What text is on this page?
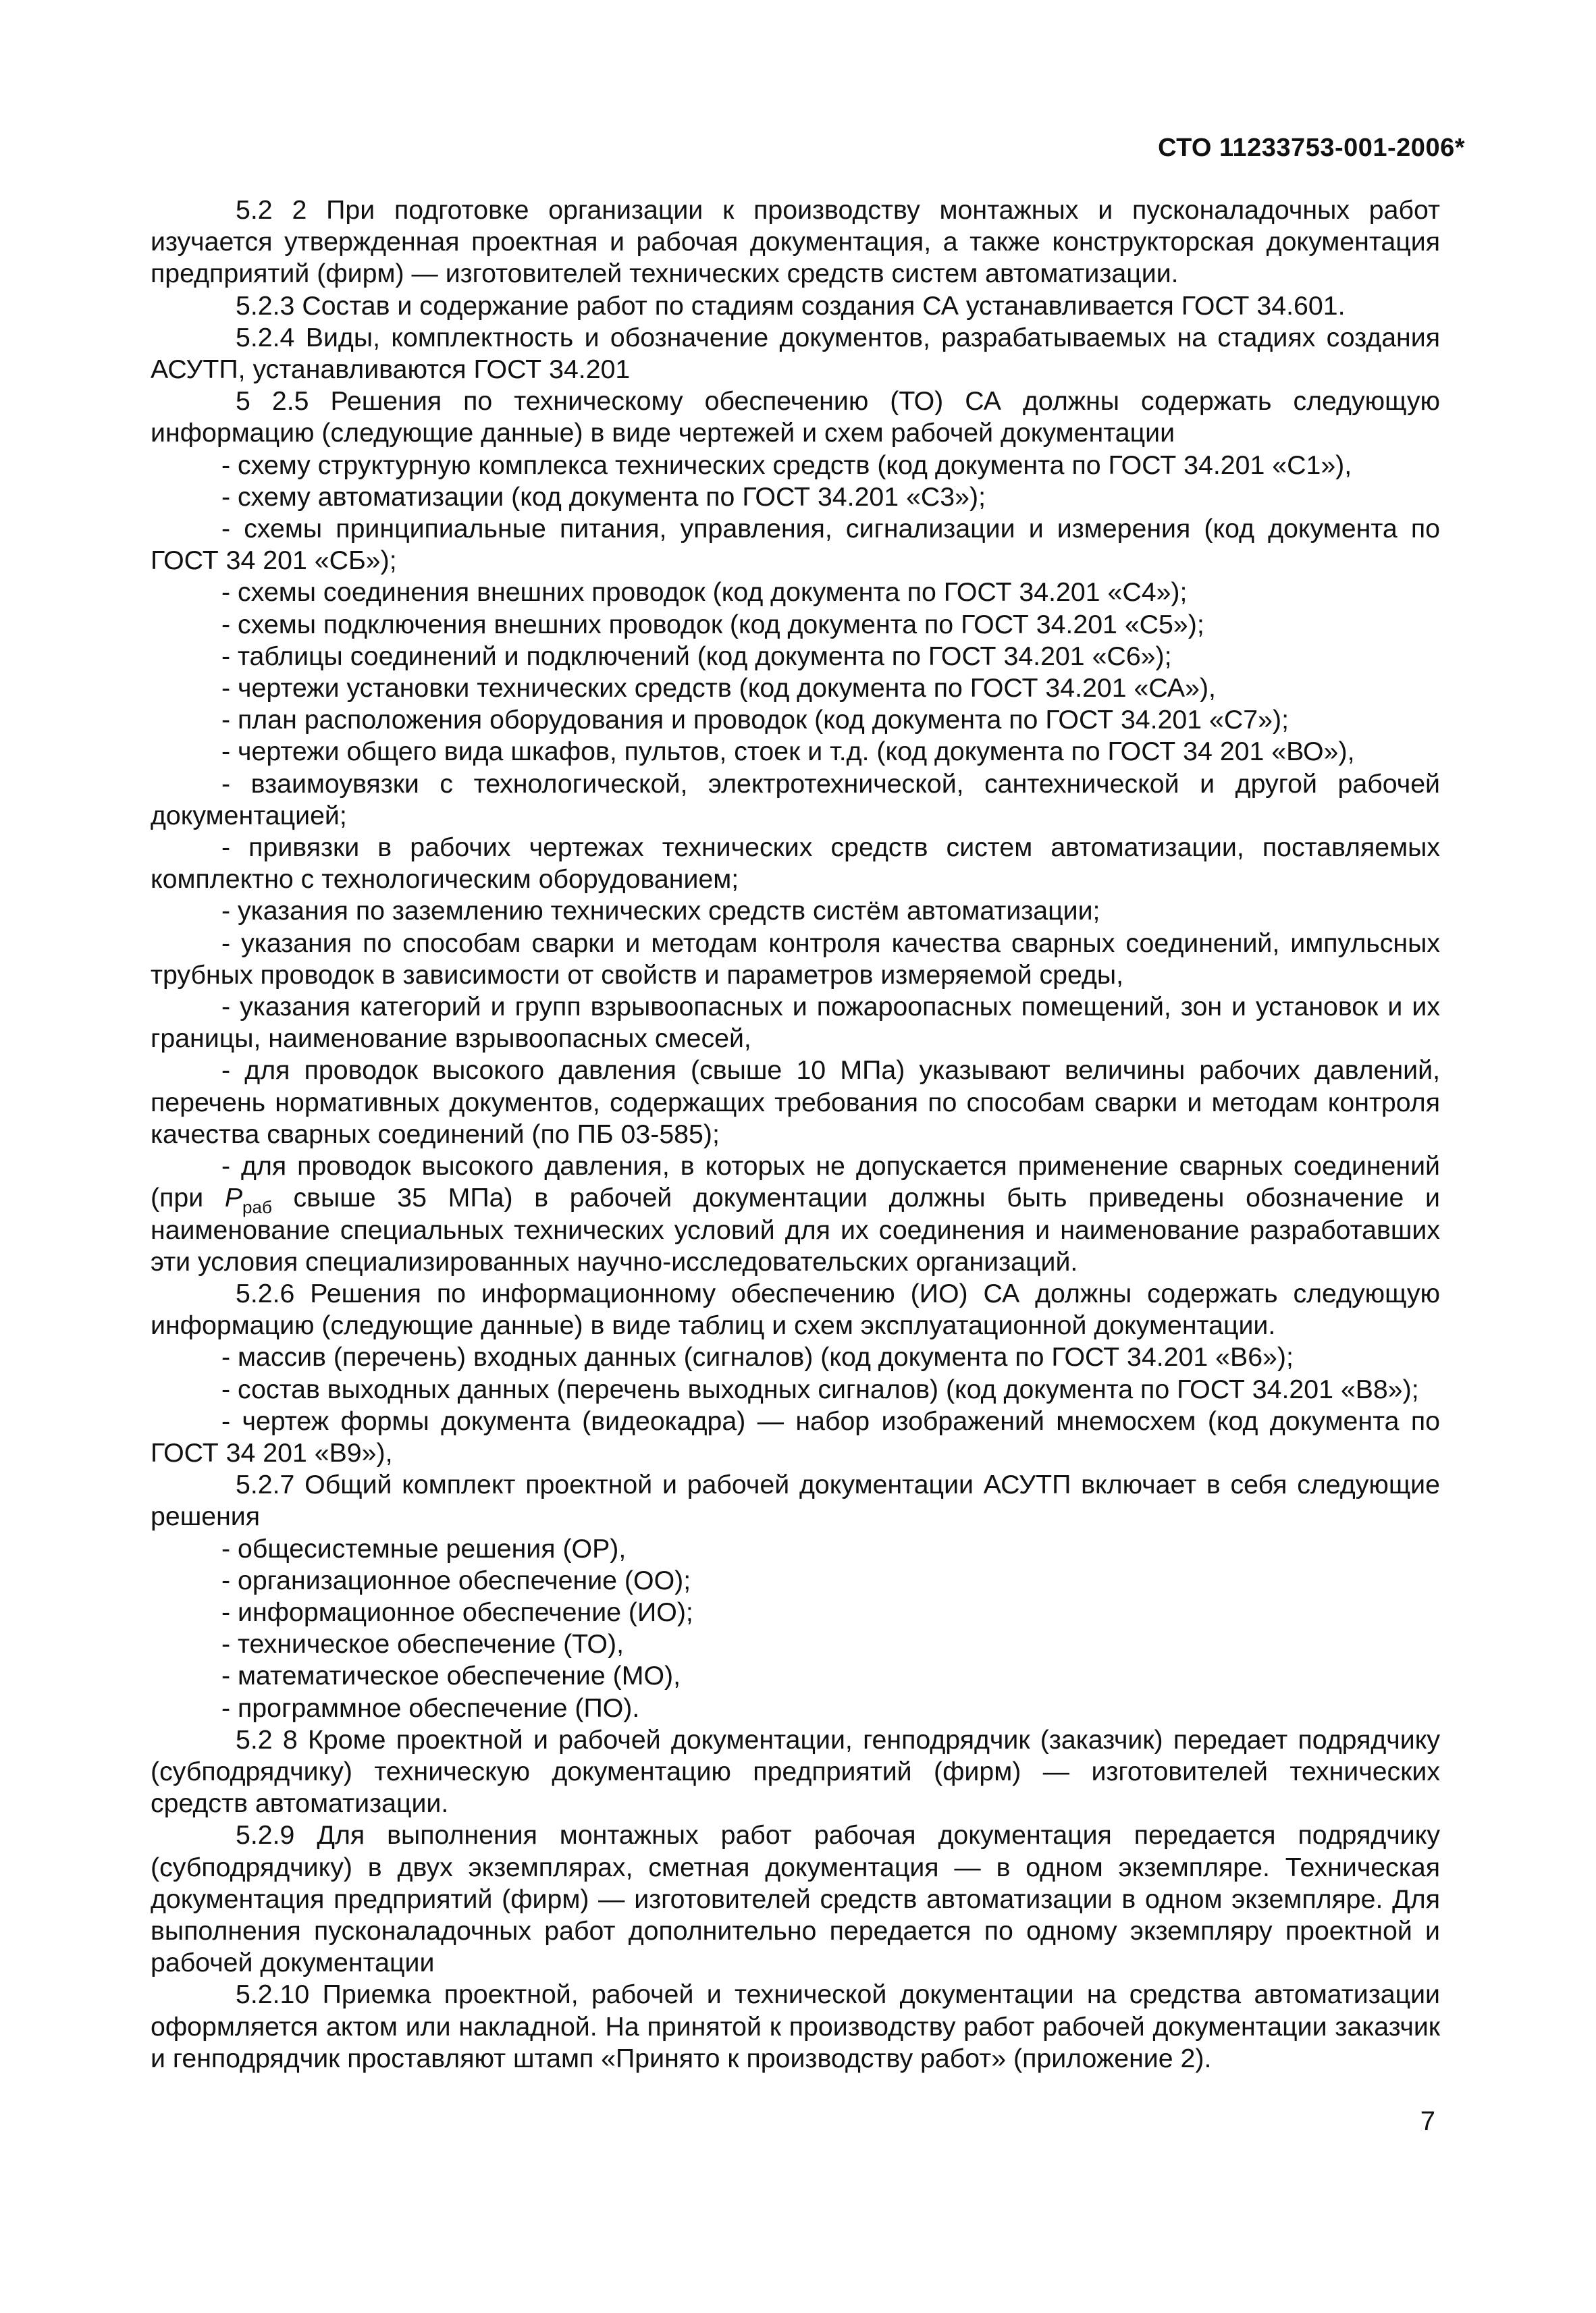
СТО 11233753-001-2006*

5.2 2 При подготовке организации к производству монтажных и пусконаладочных работ изучается утвержденная проектная и рабочая документация, а также конструкторская документация предприятий (фирм) — изготовителей технических средств систем автоматизации.

5.2.3 Состав и содержание работ по стадиям создания СА устанавливается ГОСТ 34.601.

5.2.4 Виды, комплектность и обозначение документов, разрабатываемых на стадиях создания АСУТП, устанавливаются ГОСТ 34.201

5 2.5 Решения по техническому обеспечению (ТО) СА должны содержать следующую информацию (следующие данные) в виде чертежей и схем рабочей документации

- схему структурную комплекса технических средств (код документа по ГОСТ 34.201 «С1»),

- схему автоматизации (код документа по ГОСТ 34.201 «С3»);

- схемы принципиальные питания, управления, сигнализации и измерения (код документа по ГОСТ 34 201 «СБ»);

- схемы соединения внешних проводок (код документа по ГОСТ 34.201 «С4»);

- схемы подключения внешних проводок (код документа по ГОСТ 34.201 «С5»);

- таблицы соединений и подключений (код документа по ГОСТ 34.201 «С6»);

- чертежи установки технических средств (код документа по ГОСТ 34.201 «СА»),

- план расположения оборудования и проводок (код документа по ГОСТ 34.201 «С7»);

- чертежи общего вида шкафов, пультов, стоек и т.д. (код документа по ГОСТ 34 201 «ВО»),

- взаимоувязки с технологической, электротехнической, сантехнической и другой рабочей документацией;

- привязки в рабочих чертежах технических средств систем автоматизации, поставляемых комплектно с технологическим оборудованием;

- указания по заземлению технических средств систём автоматизации;

- указания по способам сварки и методам контроля качества сварных соединений, импульсных трубных проводок в зависимости от свойств и параметров измеряемой среды,

- указания категорий и групп взрывоопасных и пожароопасных помещений, зон и установок и их границы, наименование взрывоопасных смесей,

- для проводок высокого давления (свыше 10 МПа) указывают величины рабочих давлений, перечень нормативных документов, содержащих требования по способам сварки и методам контроля качества сварных соединений (по ПБ 03-585);

- для проводок высокого давления, в которых не допускается применение сварных соединений (при $P_{раб}$ свыше 35 МПа) в рабочей документации должны быть приведены обозначение и наименование специальных технических условий для их соединения и наименование разработавших эти условия специализированных научно-исследовательских организаций.

5.2.6 Решения по информационному обеспечению (ИО) СА должны содержать следующую информацию (следующие данные) в виде таблиц и схем эксплуатационной документации.

- массив (перечень) входных данных (сигналов) (код документа по ГОСТ 34.201 «В6»);

- состав выходных данных (перечень выходных сигналов) (код документа по ГОСТ 34.201 «В8»);

- чертеж формы документа (видеокадра) — набор изображений мнемосхем (код документа по ГОСТ 34 201 «В9»),

5.2.7 Общий комплект проектной и рабочей документации АСУТП включает в себя следующие решения

- общесистемные решения (ОР),

- организационное обеспечение (ОО);

- информационное обеспечение (ИО);

- техническое обеспечение (ТО),

- математическое обеспечение (МО),

- программное обеспечение (ПО).

5.2 8 Кроме проектной и рабочей документации, генподрядчик (заказчик) передает подрядчику (субподрядчику) техническую документацию предприятий (фирм) — изготовителей технических средств автоматизации.

5.2.9 Для выполнения монтажных работ рабочая документация передается подрядчику (субподрядчику) в двух экземплярах, сметная документация — в одном экземпляре. Техническая документация предприятий (фирм) — изготовителей средств автоматизации в одном экземпляре. Для выполнения пусконаладочных работ дополнительно передается по одному экземпляру проектной и рабочей документации

5.2.10 Приемка проектной, рабочей и технической документации на средства автоматизации оформляется актом или накладной. На принятой к производству работ рабочей документации заказчик и генподрядчик проставляют штамп «Принято к производству работ» (приложение 2).

7
